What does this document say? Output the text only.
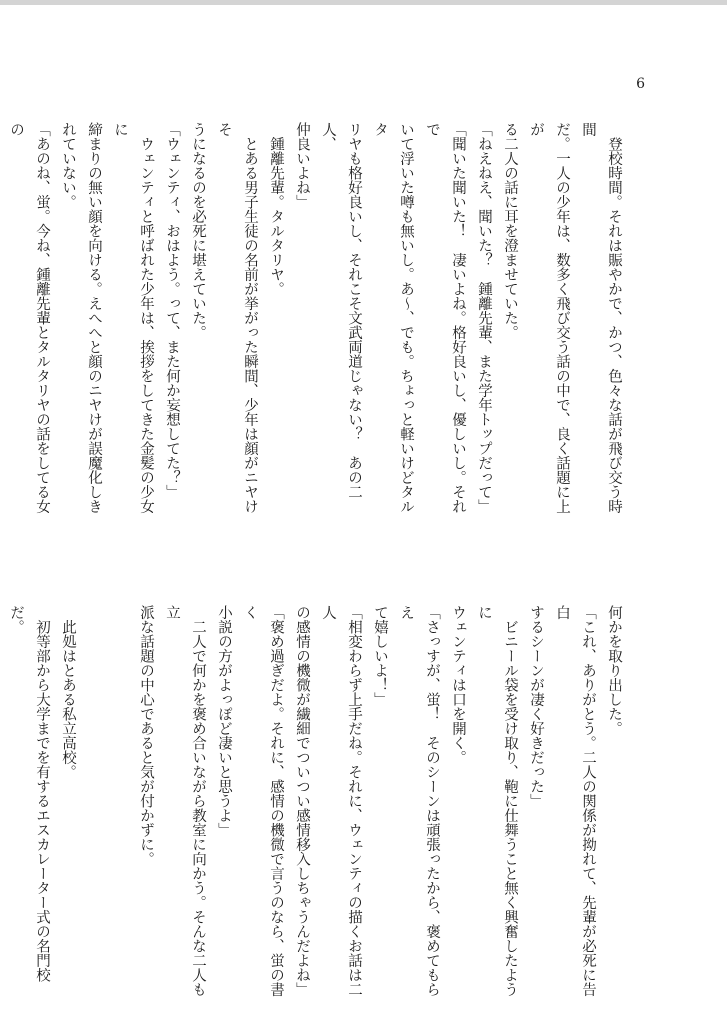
6

　登校時間。それは賑やかで、かつ、色々な話が飛び交う時間

だ。一人の少年は、数多く飛び交う話の中で、良く話題に上が

る二人の話に耳を澄ませていた。

「ねえねえ、聞いた？　鍾離先輩、また学年トップだって」

「聞いた聞いた！　凄いよね。格好良いし、優しいし。それで

いて浮いた噂も無いし。あ〜、でも。ちょっと軽いけどタルタ

リヤも格好良いし、それこそ文武両道じゃない？　あの二人、

仲良いよね」

　鍾離先輩。タルタリヤ。

　とある男子生徒の名前が挙がった瞬間、少年は顔がニヤけそ

うになるのを必死に堪えていた。

「ウェンティ、おはよう。って、また何か妄想してた？」

　ウェンティと呼ばれた少年は、挨拶をしてきた金髪の少女に

締まりの無い顔を向ける。えへへと顔のニヤけが誤魔化しき

れていない。

「あのね、蛍。今ね、鍾離先輩とタルタリヤの話をしてる女の

何かを取り出した。

「これ、ありがとう。二人の関係が拗れて、先輩が必死に告白

するシーンが凄く好きだった」

　ビニール袋を受け取り、鞄に仕舞うこと無く興奮したように

ウェンティは口を開く。

「さっすが、蛍！　そのシーンは頑張ったから、褒めてもらえ

て嬉しいよ！」

「相変わらず上手だね。それに、ウェンティの描くお話は二人

の感情の機微が繊細でついつい感情移入しちゃうんだよね」

「褒め過ぎだよ。それに、感情の機微で言うのなら、蛍の書く

小説の方がよっぽど凄いと思うよ」

　二人で何かを褒め合いながら教室に向かう。そんな二人も立

派な話題の中心であると気が付かずに。

　此処はとある私立高校。

　初等部から大学までを有するエスカレーター式の名門校だ。
